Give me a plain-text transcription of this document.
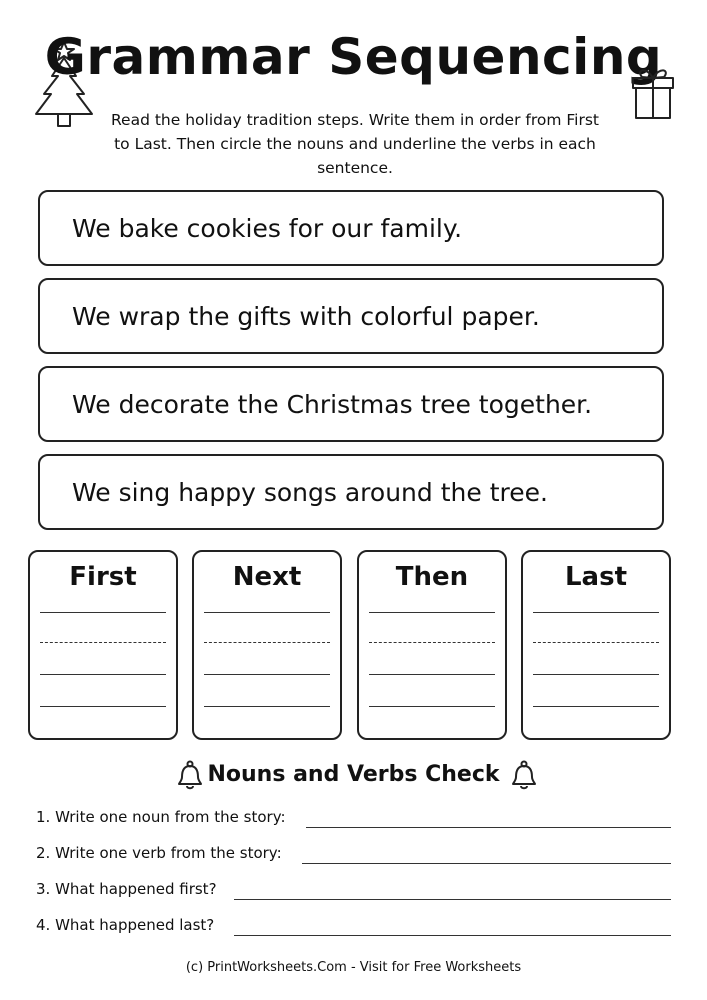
Grammar Sequencing
Read the holiday tradition steps. Write them in order from First to Last. Then circle the nouns and underline the verbs in each sentence.
We bake cookies for our family.
We wrap the gifts with colorful paper.
We decorate the Christmas tree together.
We sing happy songs around the tree.
First	Next	Then	Last
Nouns and Verbs Check
1. Write one noun from the story:
2. Write one verb from the story:
3. What happened first?
4. What happened last?
(c) PrintWorksheets.Com - Visit for Free Worksheets
